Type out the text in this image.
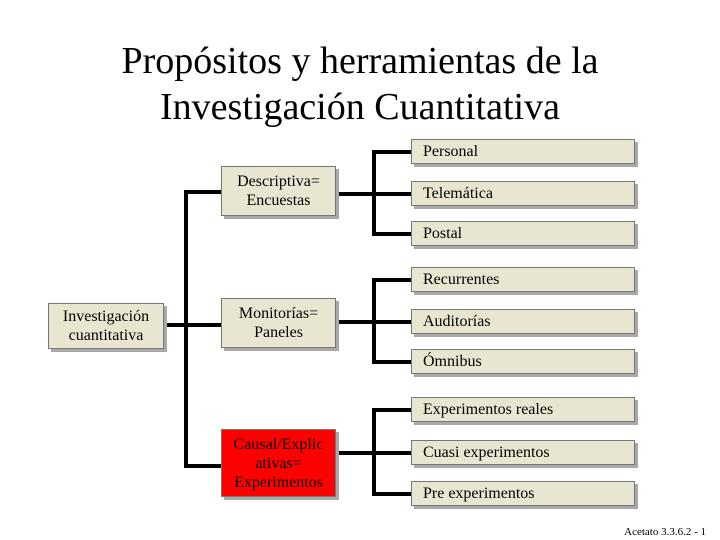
Propósitos y herramientas de la
Investigación Cuantitativa
Investigación cuantitativa
Descriptiva= Encuestas
Personal
Telemática
Postal
Monitorías= Paneles
Recurrentes
Auditorías
Ómnibus
Causal/Explic ativas= Experimentos
Experimentos reales
Cuasi experimentos
Pre experimentos
Acetato 3.3.6.2 - 1
